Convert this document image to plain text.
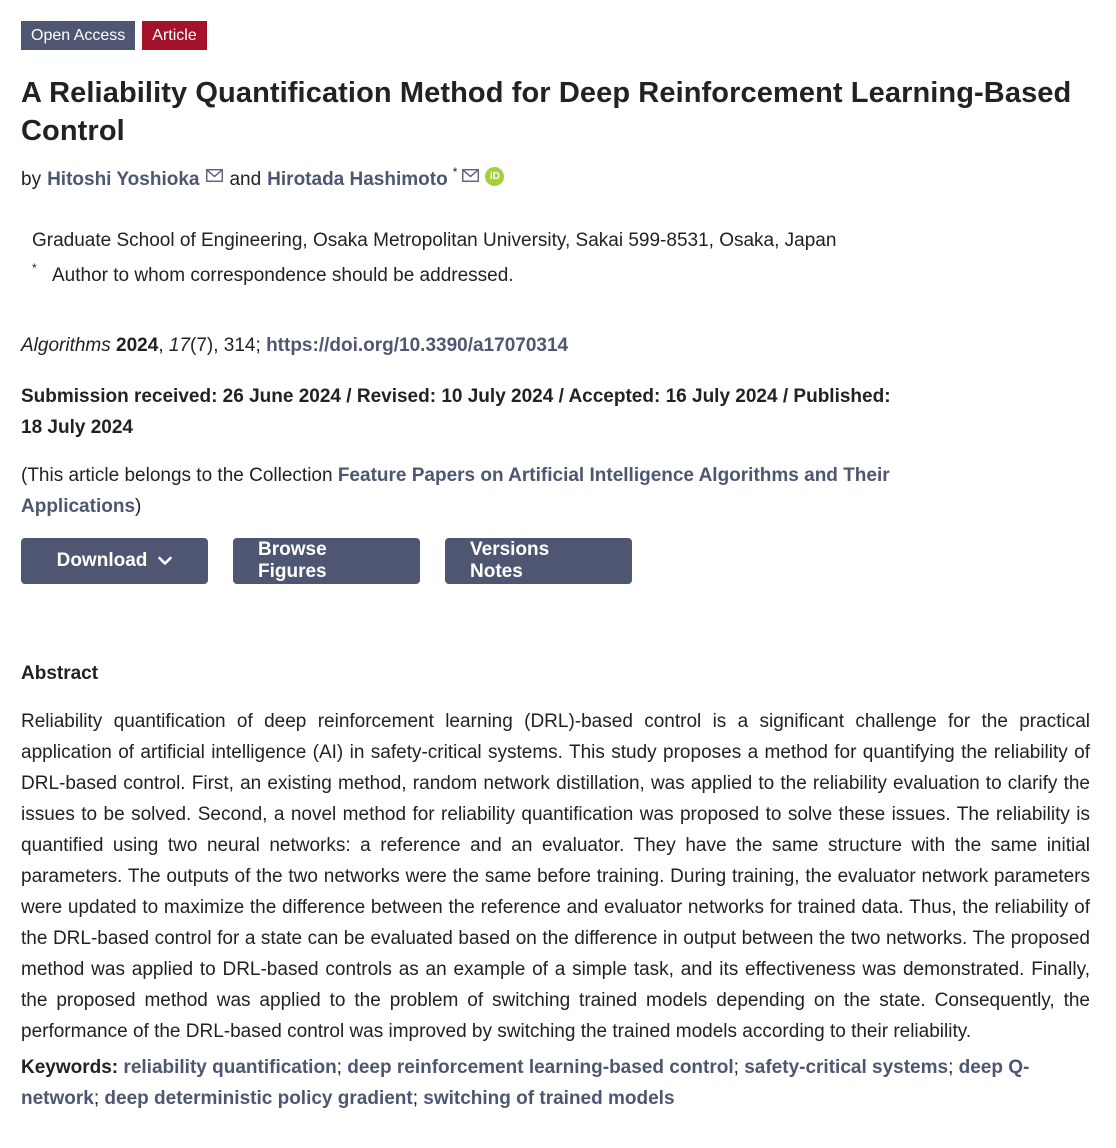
Open Access	Article
A Reliability Quantification Method for Deep Reinforcement Learning-Based Control
by Hitoshi Yoshioka and Hirotada Hashimoto *	iD
Graduate School of Engineering, Osaka Metropolitan University, Sakai 599-8531, Osaka, Japan
* Author to whom correspondence should be addressed.
Algorithms 2024, 17(7), 314; https://doi.org/10.3390/a17070314
Submission received: 26 June 2024 / Revised: 10 July 2024 / Accepted: 16 July 2024 / Published: 18 July 2024
(This article belongs to the Collection Feature Papers on Artificial Intelligence Algorithms and Their Applications)
Download
Browse Figures
Versions Notes
Abstract
Reliability quantification of deep reinforcement learning (DRL)-based control is a significant challenge for the practical application of artificial intelligence (AI) in safety-critical systems. This study proposes a method for quantifying the reliability of DRL-based control. First, an existing method, random network distillation, was applied to the reliability evaluation to clarify the issues to be solved. Second, a novel method for reliability quantification was proposed to solve these issues. The reliability is quantified using two neural networks: a reference and an evaluator. They have the same structure with the same initial parameters. The outputs of the two networks were the same before training. During training, the evaluator network parameters were updated to maximize the difference between the reference and evaluator networks for trained data. Thus, the reliability of the DRL-based control for a state can be evaluated based on the difference in output between the two networks. The proposed method was applied to DRL-based controls as an example of a simple task, and its effectiveness was demonstrated. Finally, the proposed method was applied to the problem of switching trained models depending on the state. Consequently, the performance of the DRL-based control was improved by switching the trained models according to their reliability.
Keywords: reliability quantification; deep reinforcement learning-based control; safety-critical systems; deep Q-network; deep deterministic policy gradient; switching of trained models
